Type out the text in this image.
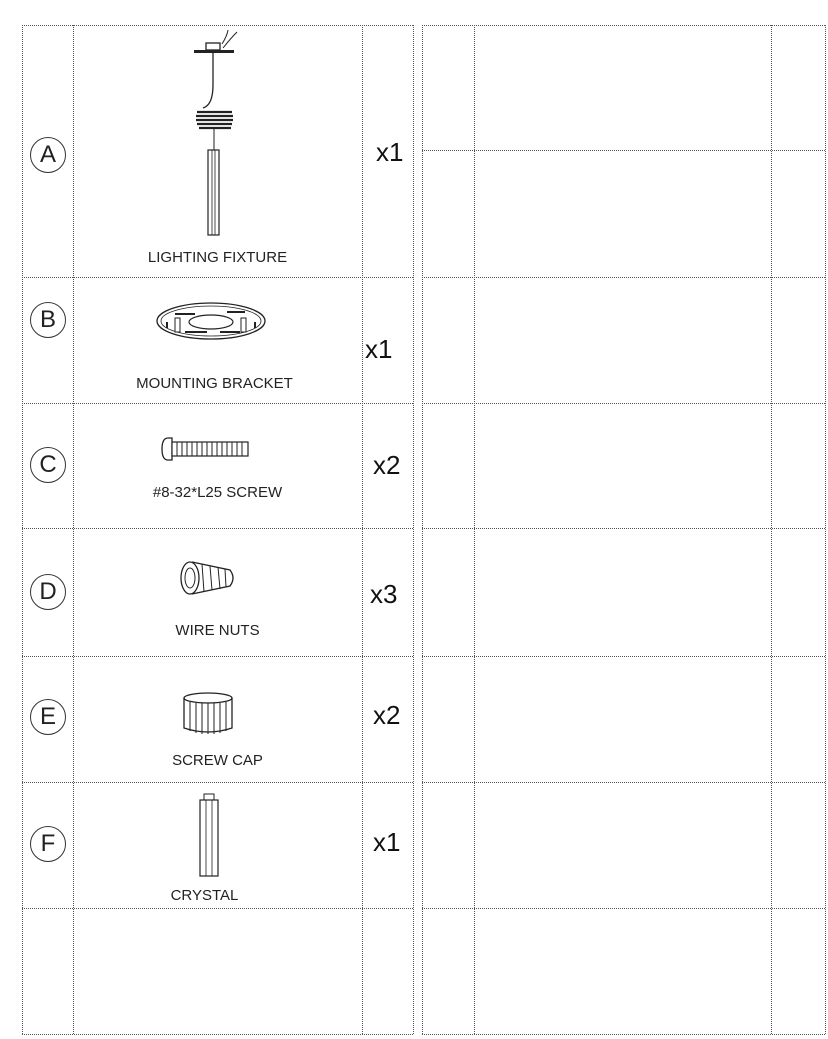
A
LIGHTING FIXTURE
x1
B
MOUNTING BRACKET
x1
C
#8-32*L25 SCREW
x2
D
WIRE NUTS
x3
E
SCREW CAP
x2
F
CRYSTAL
x1
